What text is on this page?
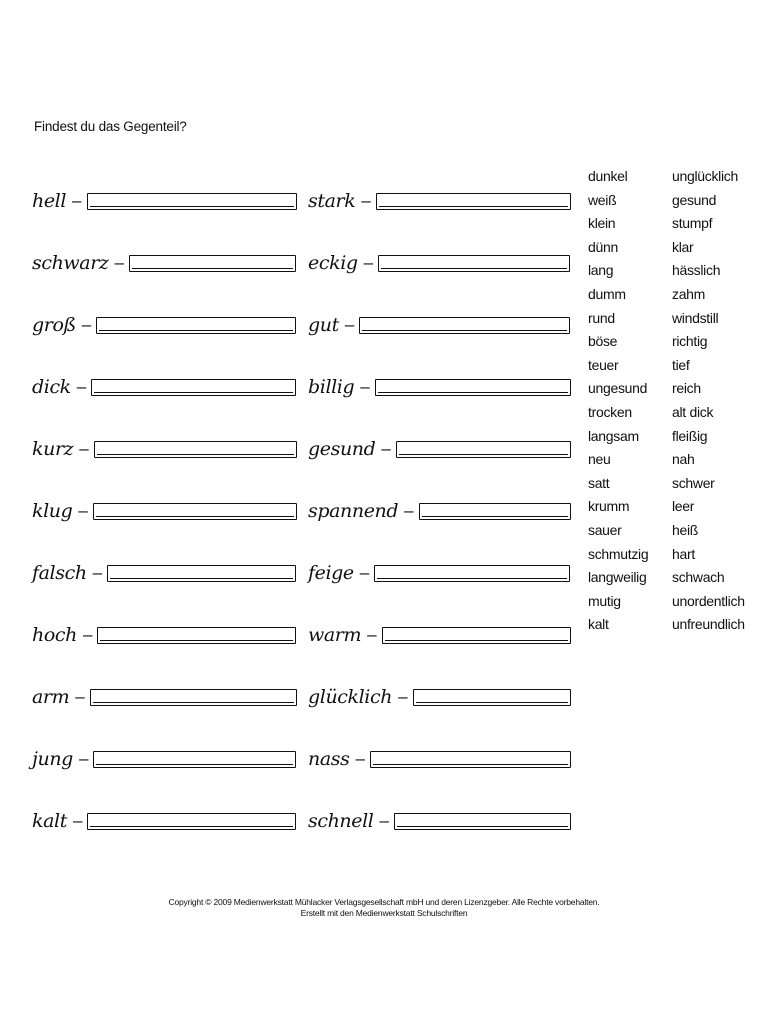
Findest du das Gegenteil?
hell –
schwarz –
groß –
dick –
kurz –
klug –
falsch –
hoch –
arm –
jung –
kalt –
stark –
eckig –
gut –
billig –
gesund –
spannend –
feige –
warm –
glücklich –
nass –
schnell –
dunkel
weiß
klein
dünn
lang
dumm
rund
böse
teuer
ungesund
trocken
langsam
neu
satt
krumm
sauer
schmutzig
langweilig
mutig
kalt
unglücklich
gesund
stumpf
klar
hässlich
zahm
windstill
richtig
tief
reich
alt dick
fleißig
nah
schwer
leer
heiß
hart
schwach
unordentlich
unfreundlich
Copyright © 2009 Medienwerkstatt Mühlacker Verlagsgesellschaft mbH und deren Lizenzgeber. Alle Rechte vorbehalten.
Erstellt mit den Medienwerkstatt Schulschriften
